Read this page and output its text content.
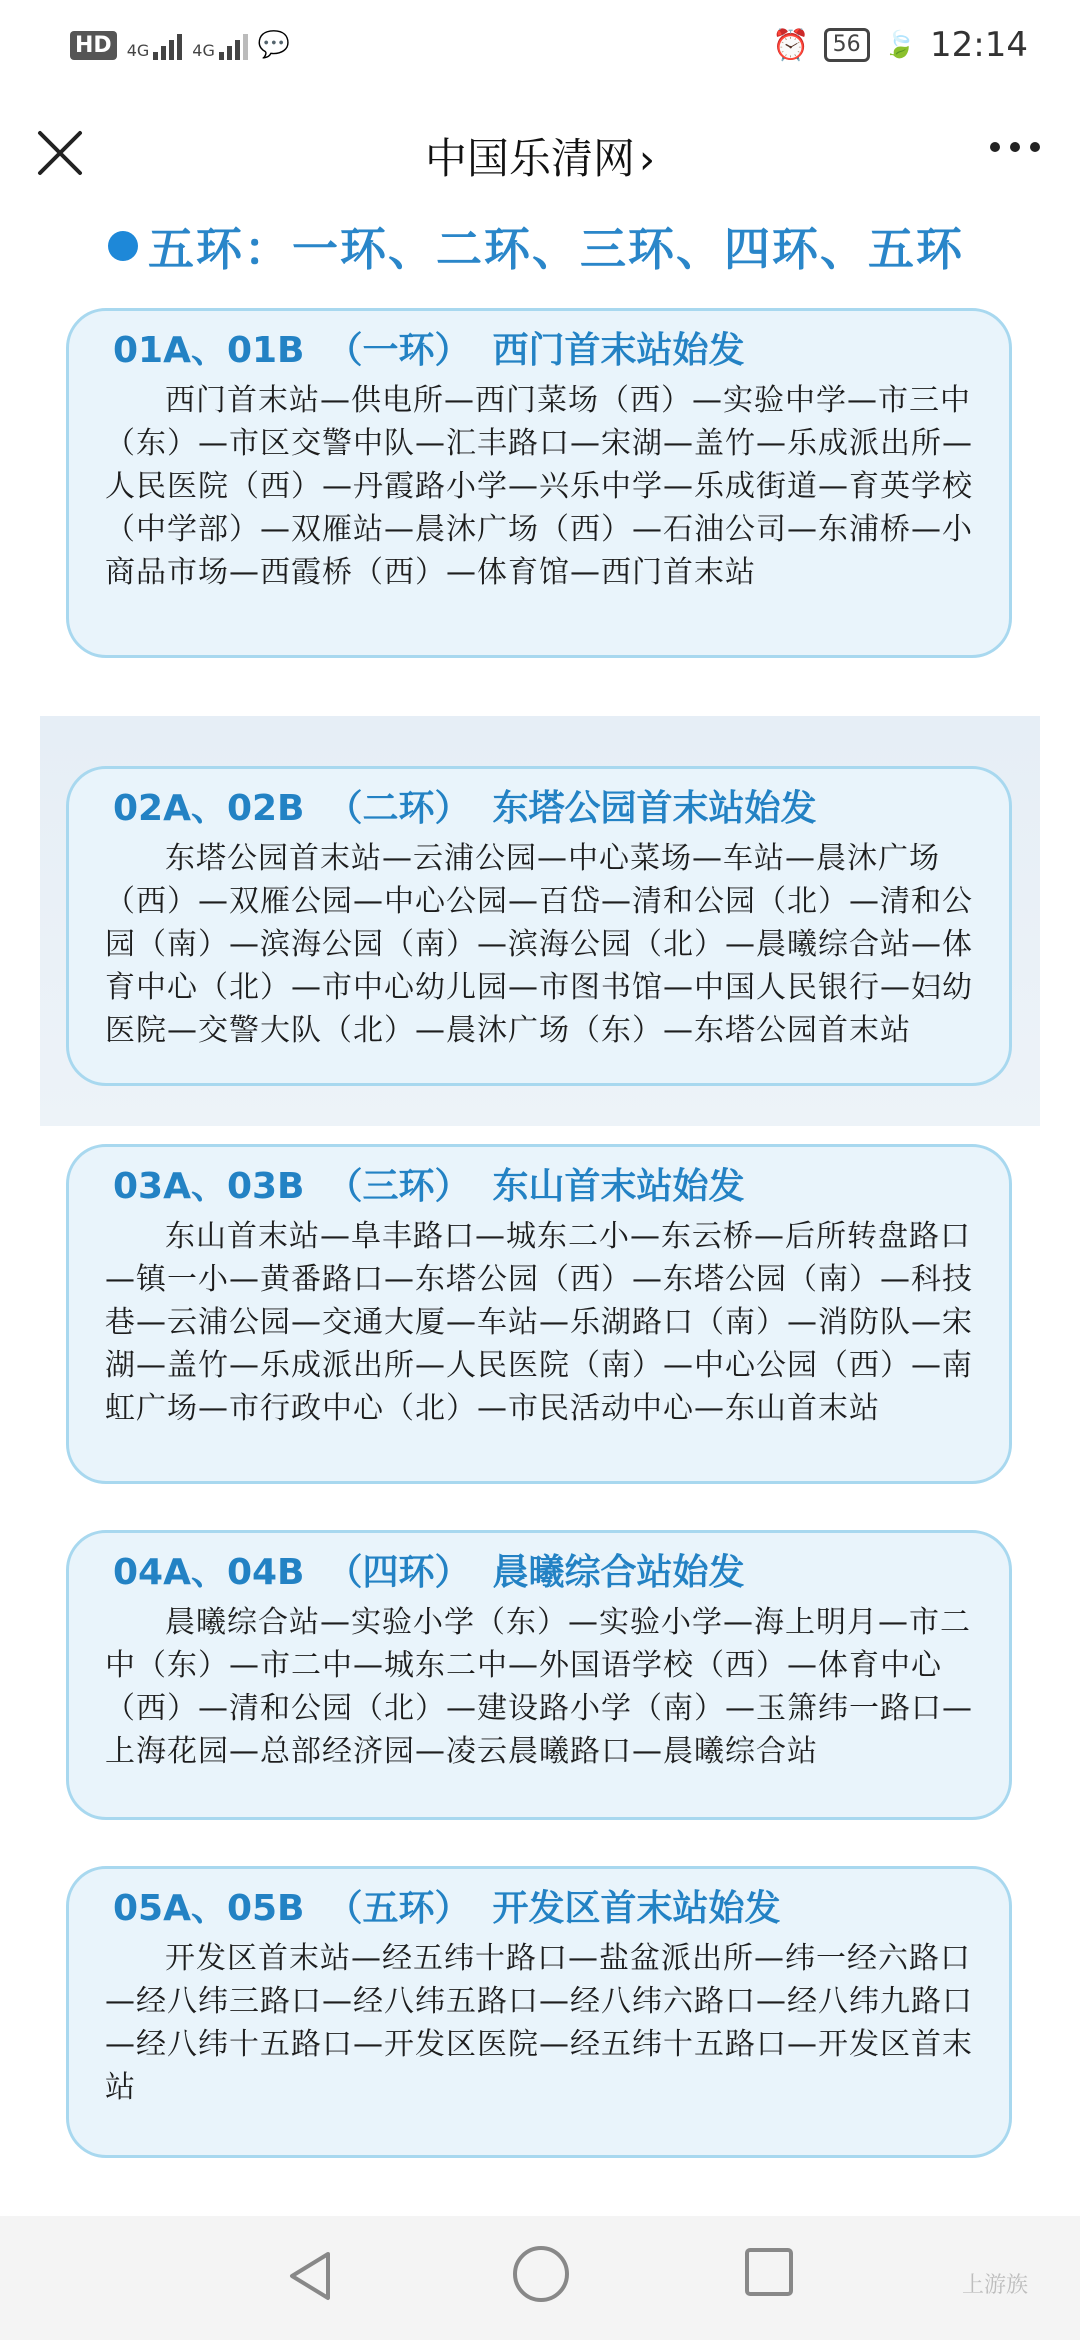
HD 4G	4G 💬	⏰	56 🍃 12:14
中国乐清网 ›
五环：一环、二环、三环、四环、五环
01A、01B （一环） 西门首末站始发
西门首末站—供电所—西门菜场（西）—实验中学—市三中（东）—市区交警中队—汇丰路口—宋湖—盖竹—乐成派出所—人民医院（西）—丹霞路小学—兴乐中学—乐成街道—育英学校（中学部）—双雁站—晨沐广场（西）—石油公司—东浦桥—小商品市场—西霞桥（西）—体育馆—西门首末站
02A、02B （二环） 东塔公园首末站始发
东塔公园首末站—云浦公园—中心菜场—车站—晨沐广场（西）—双雁公园—中心公园—百岱—清和公园（北）—清和公园（南）—滨海公园（南）—滨海公园（北）—晨曦综合站—体育中心（北）—市中心幼儿园—市图书馆—中国人民银行—妇幼医院—交警大队（北）—晨沐广场（东）—东塔公园首末站
03A、03B （三环） 东山首末站始发
东山首末站—阜丰路口—城东二小—东云桥—后所转盘路口—镇一小—黄番路口—东塔公园（西）—东塔公园（南）—科技巷—云浦公园—交通大厦—车站—乐湖路口（南）—消防队—宋湖—盖竹—乐成派出所—人民医院（南）—中心公园（西）—南虹广场—市行政中心（北）—市民活动中心—东山首末站
04A、04B （四环） 晨曦综合站始发
晨曦综合站—实验小学（东）—实验小学—海上明月—市二中（东）—市二中—城东二中—外国语学校（西）—体育中心（西）—清和公园（北）—建设路小学（南）—玉箫纬一路口—上海花园—总部经济园—凌云晨曦路口—晨曦综合站
05A、05B （五环） 开发区首末站始发
开发区首末站—经五纬十路口—盐盆派出所—纬一经六路口—经八纬三路口—经八纬五路口—经八纬六路口—经八纬九路口—经八纬十五路口—开发区医院—经五纬十五路口—开发区首末站
上游族
